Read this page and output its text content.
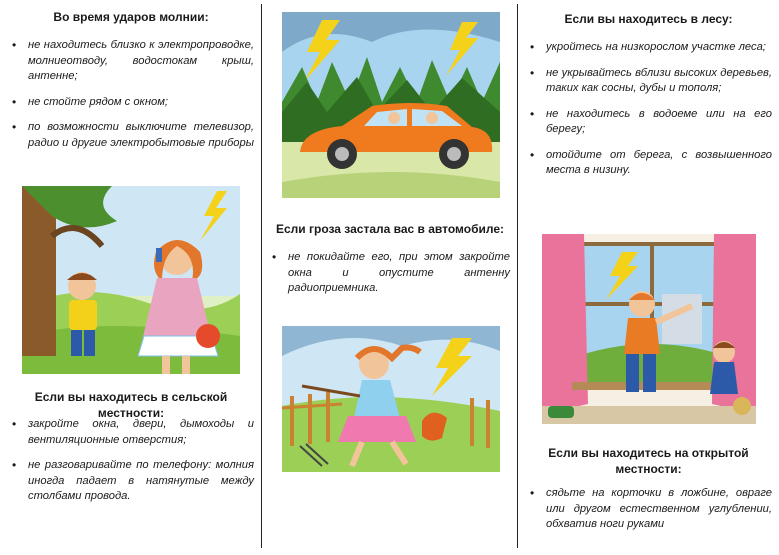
Во время ударов молнии:
• не находитесь близко к электропроводке, молниеотводу, водостокам крыш, антенне;
• не стойте рядом с окном;
• по возможности выключите телевизор, радио и другие электробытовые приборы
Если вы находитесь в сельской местности:
• закройте окна, двери, дымоходы и вентиляционные отверстия;
• не разговаривайте по телефону: молния иногда падает в натянутые между столбами провода.
Если гроза застала вас в автомобиле:
• не покидайте его, при этом закройте окна и опустите антенну радиоприемника.
Если вы находитесь в лесу:
• укройтесь на низкорослом участке леса;
• не укрывайтесь вблизи высоких деревьев, таких как сосны, дубы и тополя;
• не находитесь в водоеме или на его берегу;
• отойдите от берега, с возвышенного места в низину.
Если вы находитесь на открытой местности:
• сядьте на корточки в ложбине, овраге или другом естественном углублении, обхватив ноги руками
